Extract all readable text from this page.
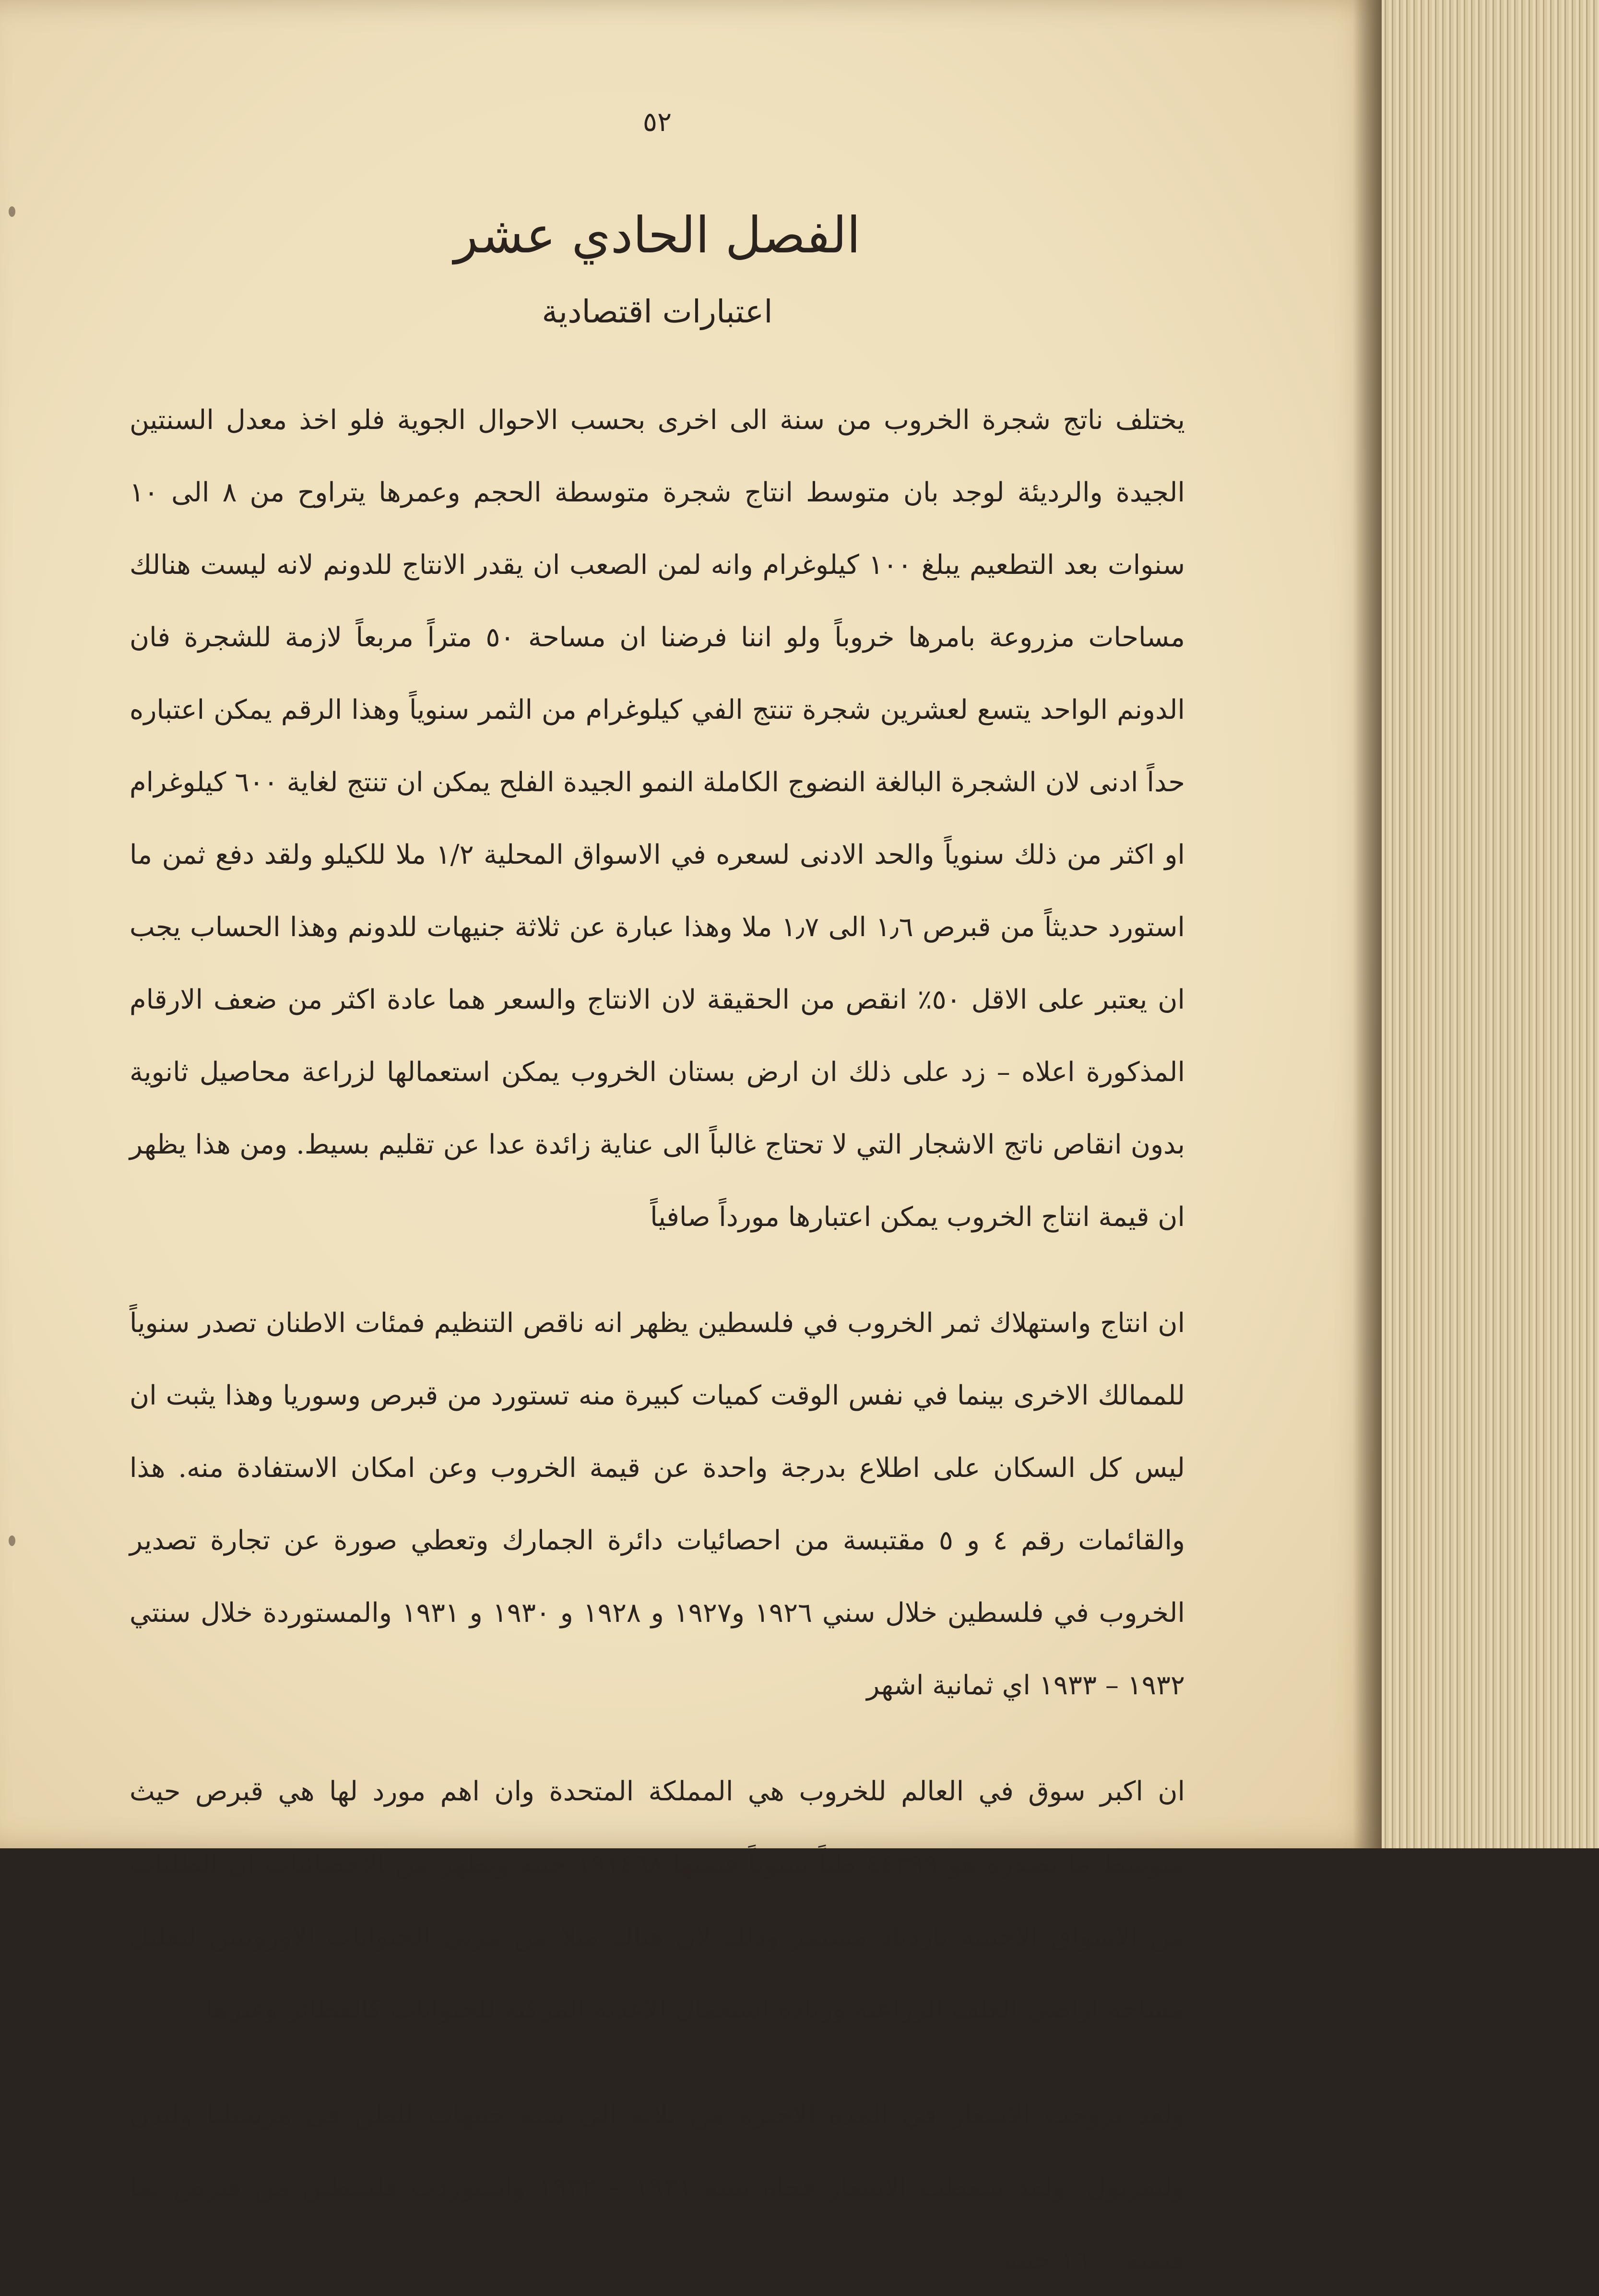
٥٢
الفصل الحادي عشر
اعتبارات اقتصادية

يختلف ناتج شجرة الخروب من سنة الى اخرى بحسب الاحوال الجوية فلو اخذ معدل السنتين الجيدة والرديئة لوجد بان متوسط انتاج شجرة متوسطة الحجم وعمرها يتراوح من ٨ الى ١٠ سنوات بعد التطعيم يبلغ ١٠٠ كيلوغرام وانه لمن الصعب ان يقدر الانتاج للدونم لانه ليست هنالك مساحات مزروعة بامرها خروباً ولو اننا فرضنا ان مساحة ٥٠ متراً مربعاً لازمة للشجرة فان الدونم الواحد يتسع لعشرين شجرة تنتج الفي كيلوغرام من الثمر سنوياً وهذا الرقم يمكن اعتباره حداً ادنى لان الشجرة البالغة النضوج الكاملة النمو الجيدة الفلح يمكن ان تنتج لغاية ٦٠٠ كيلوغرام او اكثر من ذلك سنوياً والحد الادنى لسعره في الاسواق المحلية ١/٢ ملا للكيلو ولقد دفع ثمن ما استورد حديثاً من قبرص ١٫٦ الى ١٫٧ ملا وهذا عبارة عن ثلاثة جنيهات للدونم وهذا الحساب يجب ان يعتبر على الاقل ٥٠٪ انقص من الحقيقة لان الانتاج والسعر هما عادة اكثر من ضعف الارقام المذكورة اعلاه – زد على ذلك ان ارض بستان الخروب يمكن استعمالها لزراعة محاصيل ثانوية بدون انقاص ناتج الاشجار التي لا تحتاج غالباً الى عناية زائدة عدا عن تقليم بسيط. ومن هذا يظهر ان قيمة انتاج الخروب يمكن اعتبارها مورداً صافياً

ان انتاج واستهلاك ثمر الخروب في فلسطين يظهر انه ناقص التنظيم فمئات الاطنان تصدر سنوياً للممالك الاخرى بينما في نفس الوقت كميات كبيرة منه تستورد من قبرص وسوريا وهذا يثبت ان ليس كل السكان على اطلاع بدرجة واحدة عن قيمة الخروب وعن امكان الاستفادة منه. هذا والقائمات رقم ٤ و ٥ مقتبسة من احصائيات دائرة الجمارك وتعطي صورة عن تجارة تصدير الخروب في فلسطين خلال سني ١٩٢٦ و١٩٢٧ و ١٩٢٨ و ١٩٣٠ و ١٩٣١ والمستوردة خلال سنتي ١٩٣٢ – ١٩٣٣ اي ثمانية اشهر

ان اكبر سوق في العالم للخروب هي المملكة المتحدة وان اهم مورد لها هي قبرص حيث متوسط ما تصدره هو ٤٤٣٩٩ طناً سنوياً قيمتها ١٩١٤٦٨ جنيه ويظهر من الاحصائيات ان الطلبات من الاسواق الاجنبية بازدياد مستمر وذلك لان هناك ميلا من مربي الحيوانات الاوروبيين لتقليل مساحة اراضي العلف الزراعية وزيادة استعمال الاغذية المركبة للحيوانات كالفطائر وغيرها

ولقد تروحت الاسعار في المدة الاخيرة من ثلاثة الى ستة جنيهات للطن في مرسيليا ولندن وليفربول. ولقد سقطت الاسعار فجأة سنة ١٩٣١ – ١٩٣٢ واستوردت فلسطين من قبرص بما قيمته ١٦٠٠ جنيه
